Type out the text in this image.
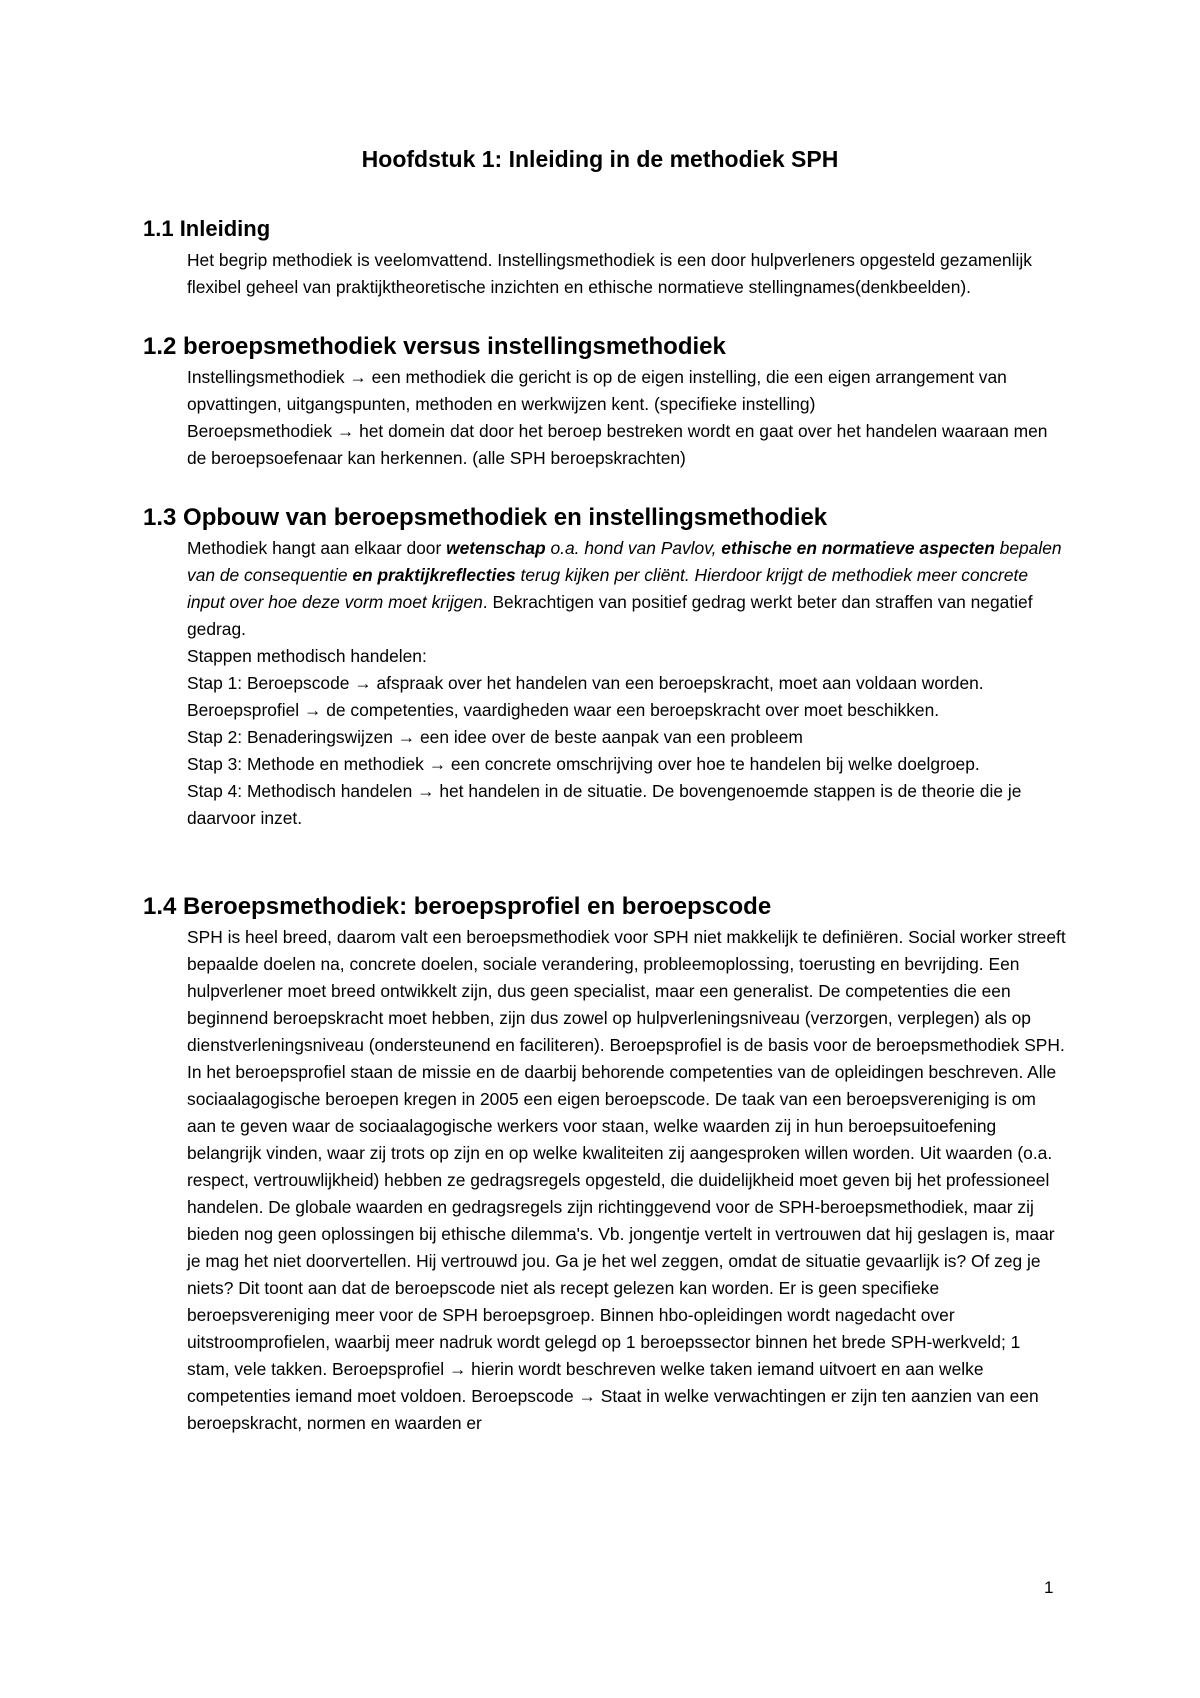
Hoofdstuk 1: Inleiding in de methodiek SPH
1.1 Inleiding

Het begrip methodiek is veelomvattend. Instellingsmethodiek is een door hulpverleners opgesteld gezamenlijk flexibel geheel van praktijktheoretische inzichten en ethische normatieve stellingnames(denkbeelden).

1.2 beroepsmethodiek versus instellingsmethodiek

Instellingsmethodiek → een methodiek die gericht is op de eigen instelling, die een eigen arrangement van opvattingen, uitgangspunten, methoden en werkwijzen kent. (specifieke instelling)

Beroepsmethodiek → het domein dat door het beroep bestreken wordt en gaat over het handelen waaraan men de beroepsoefenaar kan herkennen. (alle SPH beroepskrachten)

1.3 Opbouw van beroepsmethodiek en instellingsmethodiek

Methodiek hangt aan elkaar door wetenschap o.a. hond van Pavlov, ethische en normatieve aspecten bepalen van de consequentie en praktijkreflecties terug kijken per cliënt. Hierdoor krijgt de methodiek meer concrete input over hoe deze vorm moet krijgen. Bekrachtigen van positief gedrag werkt beter dan straffen van negatief gedrag.

Stappen methodisch handelen:

Stap 1: Beroepscode → afspraak over het handelen van een beroepskracht, moet aan voldaan worden. Beroepsprofiel → de competenties, vaardigheden waar een beroepskracht over moet beschikken.

Stap 2: Benaderingswijzen → een idee over de beste aanpak van een probleem

Stap 3: Methode en methodiek → een concrete omschrijving over hoe te handelen bij welke doelgroep.

Stap 4: Methodisch handelen → het handelen in de situatie. De bovengenoemde stappen is de theorie die je daarvoor inzet.

1.4 Beroepsmethodiek: beroepsprofiel en beroepscode

SPH is heel breed, daarom valt een beroepsmethodiek voor SPH niet makkelijk te definiëren. Social worker streeft bepaalde doelen na, concrete doelen, sociale verandering, probleemoplossing, toerusting en bevrijding. Een hulpverlener moet breed ontwikkelt zijn, dus geen specialist, maar een generalist. De competenties die een beginnend beroepskracht moet hebben, zijn dus zowel op hulpverleningsniveau (verzorgen, verplegen) als op dienstverleningsniveau (ondersteunend en faciliteren). Beroepsprofiel is de basis voor de beroepsmethodiek SPH. In het beroepsprofiel staan de missie en de daarbij behorende competenties van de opleidingen beschreven. Alle sociaalagogische beroepen kregen in 2005 een eigen beroepscode. De taak van een beroepsvereniging is om aan te geven waar de sociaalagogische werkers voor staan, welke waarden zij in hun beroepsuitoefening belangrijk vinden, waar zij trots op zijn en op welke kwaliteiten zij aangesproken willen worden. Uit waarden (o.a. respect, vertrouwlijkheid) hebben ze gedragsregels opgesteld, die duidelijkheid moet geven bij het professioneel handelen. De globale waarden en gedragsregels zijn richtinggevend voor de SPH-beroepsmethodiek, maar zij bieden nog geen oplossingen bij ethische dilemma's. Vb. jongentje vertelt in vertrouwen dat hij geslagen is, maar je mag het niet doorvertellen. Hij vertrouwd jou. Ga je het wel zeggen, omdat de situatie gevaarlijk is? Of zeg je niets? Dit toont aan dat de beroepscode niet als recept gelezen kan worden. Er is geen specifieke beroepsvereniging meer voor de SPH beroepsgroep. Binnen hbo-opleidingen wordt nagedacht over uitstroomprofielen, waarbij meer nadruk wordt gelegd op 1 beroepssector binnen het brede SPH-werkveld; 1 stam, vele takken. Beroepsprofiel → hierin wordt beschreven welke taken iemand uitvoert en aan welke competenties iemand moet voldoen. Beroepscode → Staat in welke verwachtingen er zijn ten aanzien van een beroepskracht, normen en waarden er

1
